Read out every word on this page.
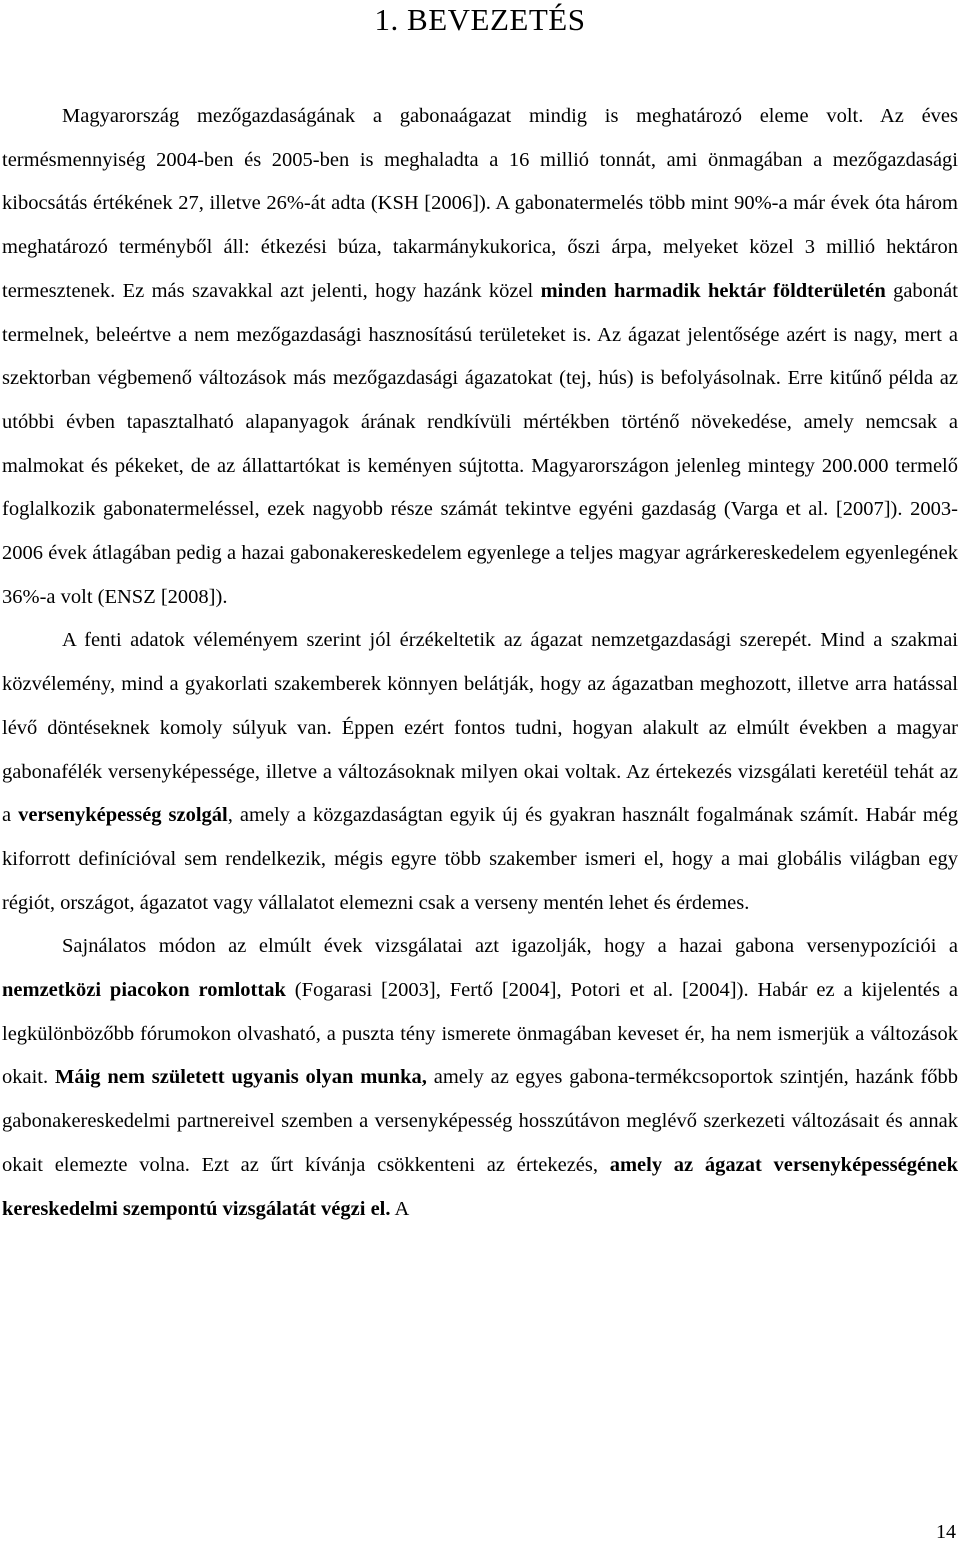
1. BEVEZETÉS

Magyarország mezőgazdaságának a gabonaágazat mindig is meghatározó eleme volt. Az éves termésmennyiség 2004-ben és 2005-ben is meghaladta a 16 millió tonnát, ami önmagában a mezőgazdasági kibocsátás értékének 27, illetve 26%-át adta (KSH [2006]). A gabonatermelés több mint 90%-a már évek óta három meghatározó terményből áll: étkezési búza, takarmánykukorica, őszi árpa, melyeket közel 3 millió hektáron termesztenek. Ez más szavakkal azt jelenti, hogy hazánk közel minden harmadik hektár földterületén gabonát termelnek, beleértve a nem mezőgazdasági hasznosítású területeket is. Az ágazat jelentősége azért is nagy, mert a szektorban végbemenő változások más mezőgazdasági ágazatokat (tej, hús) is befolyásolnak. Erre kitűnő példa az utóbbi évben tapasztalható alapanyagok árának rendkívüli mértékben történő növekedése, amely nemcsak a malmokat és pékeket, de az állattartókat is keményen sújtotta. Magyarországon jelenleg mintegy 200.000 termelő foglalkozik gabonatermeléssel, ezek nagyobb része számát tekintve egyéni gazdaság (Varga et al. [2007]). 2003-2006 évek átlagában pedig a hazai gabonakereskedelem egyenlege a teljes magyar agrárkereskedelem egyenlegének 36%-a volt (ENSZ [2008]).

A fenti adatok véleményem szerint jól érzékeltetik az ágazat nemzetgazdasági szerepét. Mind a szakmai közvélemény, mind a gyakorlati szakemberek könnyen belátják, hogy az ágazatban meghozott, illetve arra hatással lévő döntéseknek komoly súlyuk van. Éppen ezért fontos tudni, hogyan alakult az elmúlt években a magyar gabonafélék versenyképessége, illetve a változásoknak milyen okai voltak. Az értekezés vizsgálati keretéül tehát az a versenyképesség szolgál, amely a közgazdaságtan egyik új és gyakran használt fogalmának számít. Habár még kiforrott definícióval sem rendelkezik, mégis egyre több szakember ismeri el, hogy a mai globális világban egy régiót, országot, ágazatot vagy vállalatot elemezni csak a verseny mentén lehet és érdemes.

Sajnálatos módon az elmúlt évek vizsgálatai azt igazolják, hogy a hazai gabona versenypozíciói a nemzetközi piacokon romlottak (Fogarasi [2003], Fertő [2004], Potori et al. [2004]). Habár ez a kijelentés a legkülönbözőbb fórumokon olvasható, a puszta tény ismerete önmagában keveset ér, ha nem ismerjük a változások okait. Máig nem született ugyanis olyan munka, amely az egyes gabona-termékcsoportok szintjén, hazánk főbb gabonakereskedelmi partnereivel szemben a versenyképesség hosszútávon meglévő szerkezeti változásait és annak okait elemezte volna. Ezt az űrt kívánja csökkenteni az értekezés, amely az ágazat versenyképességének kereskedelmi szempontú vizsgálatát végzi el. A

14
